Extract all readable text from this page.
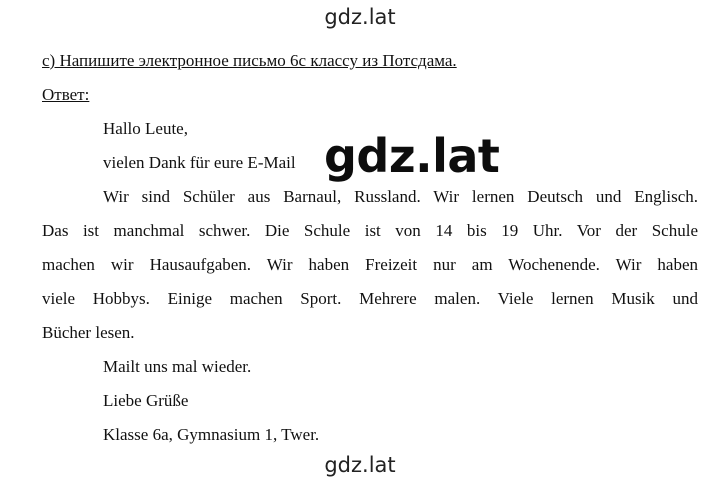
gdz.lat
c) Напишите электронное письмо 6с классу из Потсдама.
Ответ:
Hallo Leute,
vielen Dank für eure E-Mail
Wir sind Schüler aus Barnaul, Russland. Wir lernen Deutsch und Englisch.
Das ist manchmal schwer. Die Schule ist von 14 bis 19 Uhr. Vor der Schule
machen wir Hausaufgaben. Wir haben Freizeit nur am Wochenende. Wir haben
viele Hobbys. Einige machen Sport. Mehrere malen. Viele lernen Musik und
Bücher lesen.
Mailt uns mal wieder.
Liebe Grüße
Klasse 6a, Gymnasium 1, Twer.
gdz.lat
gdz.lat
